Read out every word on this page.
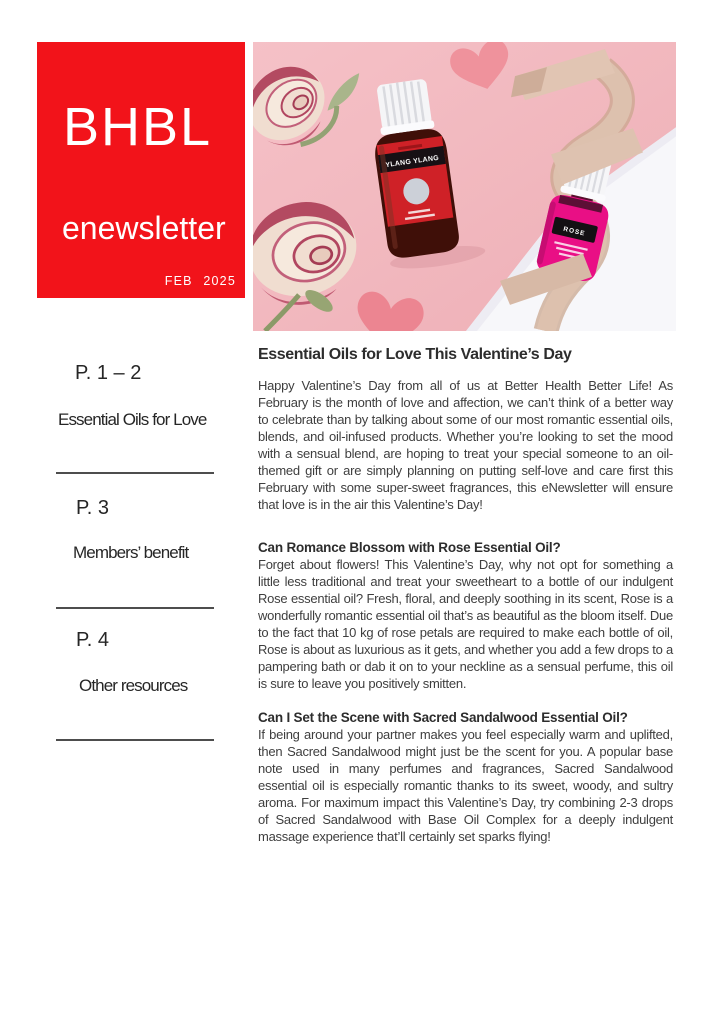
BHBL
enewsletter
FEB 2025
YLANG YLANG
ROSE
P. 1 – 2
Essential Oils for Love
P. 3
Members’ benefit
P. 4
Other resources
Essential Oils for Love This Valentine’s Day

Happy Valentine’s Day from all of us at Better Health Better Life! As February is the month of love and affection, we can’t think of a better way to celebrate than by talking about some of our most romantic essential oils, blends, and oil-infused products. Whether you’re looking to set the mood with a sensual blend, are hoping to treat your special someone to an oil-themed gift or are simply planning on putting self-love and care first this February with some super-sweet fragrances, this eNewsletter will ensure that love is in the air this Valentine’s Day!

Can Romance Blossom with Rose Essential Oil?

Forget about flowers! This Valentine’s Day, why not opt for something a little less traditional and treat your sweetheart to a bottle of our indulgent Rose essential oil? Fresh, floral, and deeply soothing in its scent, Rose is a wonderfully romantic essential oil that’s as beautiful as the bloom itself. Due to the fact that 10 kg of rose petals are required to make each bottle of oil, Rose is about as luxurious as it gets, and whether you add a few drops to a pampering bath or dab it on to your neckline as a sensual perfume, this oil is sure to leave you positively smitten.

Can I Set the Scene with Sacred Sandalwood Essential Oil?

If being around your partner makes you feel especially warm and uplifted, then Sacred Sandalwood might just be the scent for you. A popular base note used in many perfumes and fragrances, Sacred Sandalwood essential oil is especially romantic thanks to its sweet, woody, and sultry aroma. For maximum impact this Valentine’s Day, try combining 2-3 drops of Sacred Sandalwood with Base Oil Complex for a deeply indulgent massage experience that’ll certainly set sparks flying!
